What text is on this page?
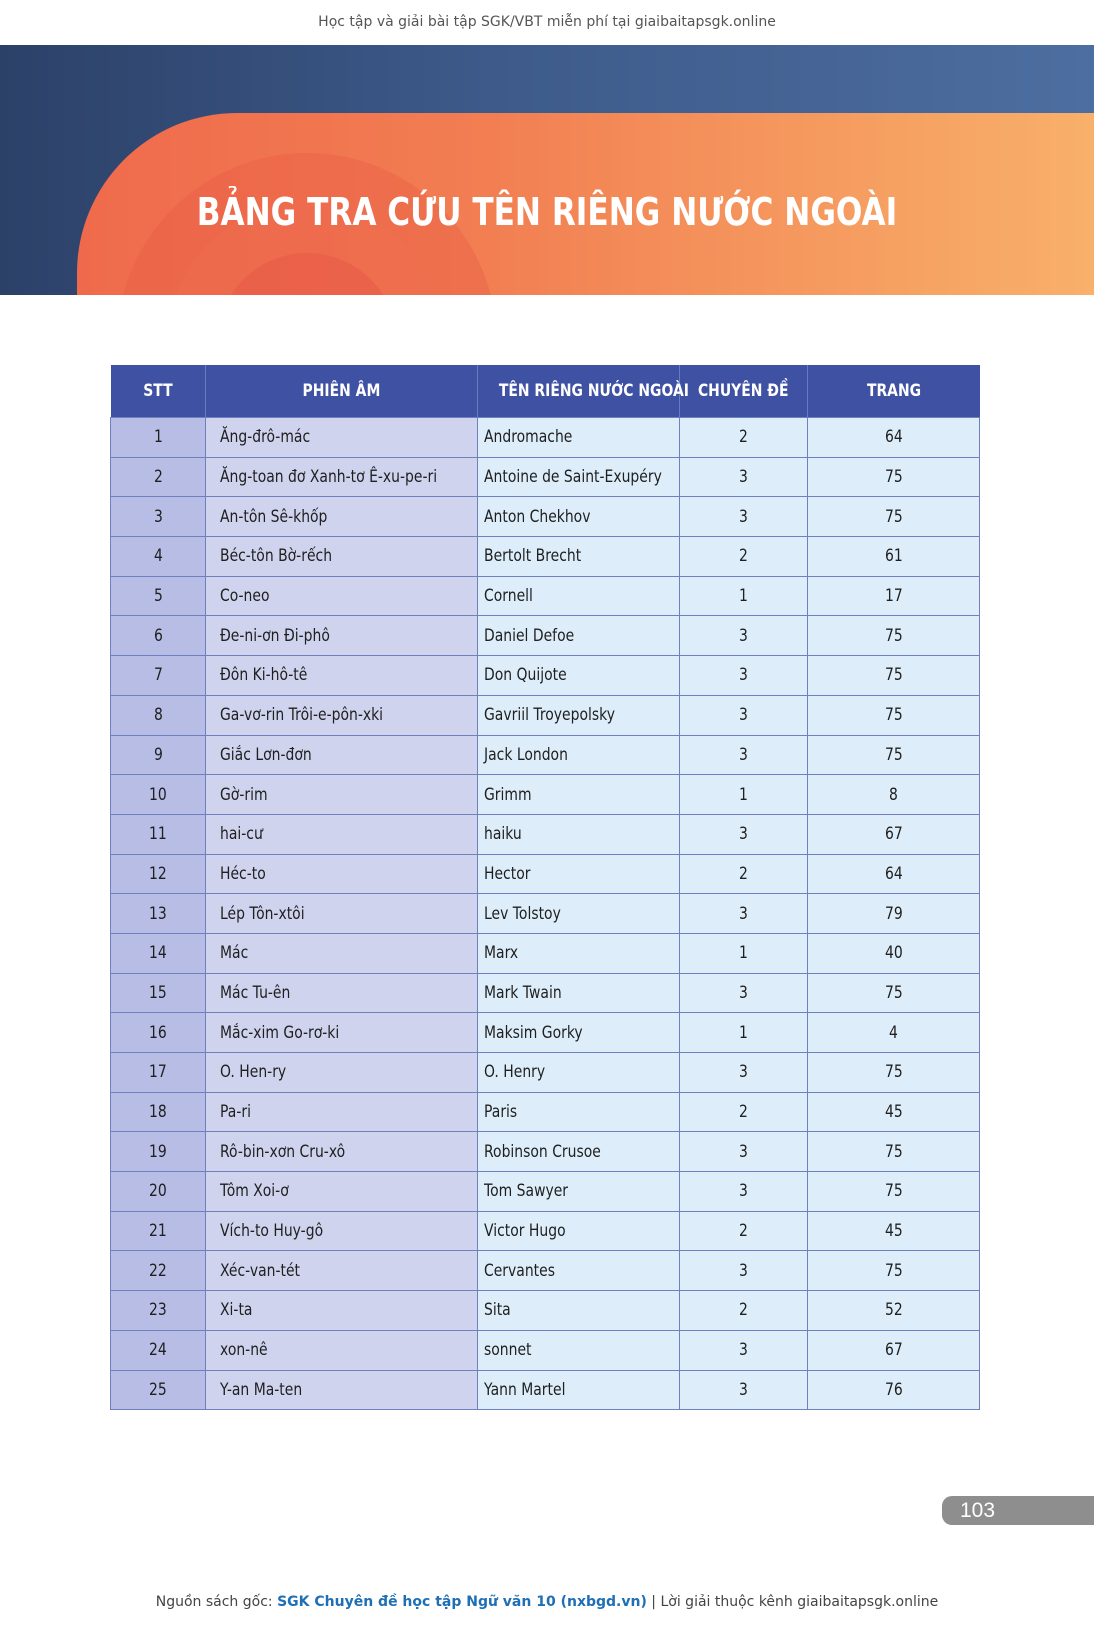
Học tập và giải bài tập SGK/VBT miễn phí tại giaibaitapsgk.online
BẢNG TRA CỨU TÊN RIÊNG NƯỚC NGOÀI
STT	PHIÊN ÂM	TÊN RIÊNG NƯỚC NGOÀI	CHUYÊN ĐỀ	TRANG
1	Ăng-đrô-mác	Andromache	2	64
2	Ăng-toan đơ Xanh-tơ Ê-xu-pe-ri	Antoine de Saint-Exupéry	3	75
3	An-tôn Sê-khốp	Anton Chekhov	3	75
4	Béc-tôn Bờ-rếch	Bertolt Brecht	2	61
5	Co-neo	Cornell	1	17
6	Đe-ni-ơn Đi-phô	Daniel Defoe	3	75
7	Đôn Ki-hô-tê	Don Quijote	3	75
8	Ga-vơ-rin Trôi-e-pôn-xki	Gavriil Troyepolsky	3	75
9	Giắc Lơn-đơn	Jack London	3	75
10	Gờ-rim	Grimm	1	8
11	hai-cư	haiku	3	67
12	Héc-to	Hector	2	64
13	Lép Tôn-xtôi	Lev Tolstoy	3	79
14	Mác	Marx	1	40
15	Mác Tu-ên	Mark Twain	3	75
16	Mắc-xim Go-rơ-ki	Maksim Gorky	1	4
17	O. Hen-ry	O. Henry	3	75
18	Pa-ri	Paris	2	45
19	Rô-bin-xơn Cru-xô	Robinson Crusoe	3	75
20	Tôm Xoi-ơ	Tom Sawyer	3	75
21	Vích-to Huy-gô	Victor Hugo	2	45
22	Xéc-van-tét	Cervantes	3	75
23	Xi-ta	Sita	2	52
24	xon-nê	sonnet	3	67
25	Y-an Ma-ten	Yann Martel	3	76
103
Nguồn sách gốc: SGK Chuyên đề học tập Ngữ văn 10 (nxbgd.vn) | Lời giải thuộc kênh giaibaitapsgk.online
